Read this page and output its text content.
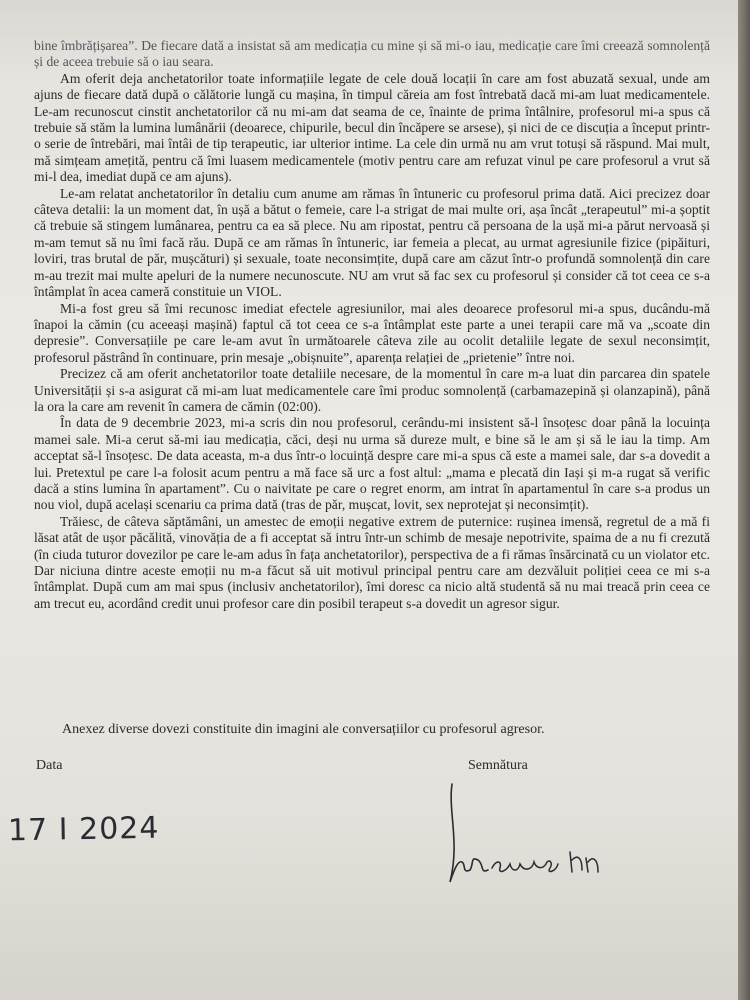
bine îmbrățișarea”. De fiecare dată a insistat să am medicația cu mine și să mi-o iau, medicație care îmi creează somnolență și de aceea trebuie să o iau seara.

Am oferit deja anchetatorilor toate informațiile legate de cele două locații în care am fost abuzată sexual, unde am ajuns de fiecare dată după o călătorie lungă cu mașina, în timpul căreia am fost întrebată dacă mi-am luat medicamentele. Le-am recunoscut cinstit anchetatorilor că nu mi-am dat seama de ce, înainte de prima întâlnire, profesorul mi-a spus că trebuie să stăm la lumina lumânării (deoarece, chipurile, becul din încăpere se arsese), și nici de ce discuția a început printr-o serie de întrebări, mai întâi de tip terapeutic, iar ulterior intime. La cele din urmă nu am vrut totuși să răspund. Mai mult, mă simțeam amețită, pentru că îmi luasem medicamentele (motiv pentru care am refuzat vinul pe care profesorul a vrut să mi-l dea, imediat după ce am ajuns).

Le-am relatat anchetatorilor în detaliu cum anume am rămas în întuneric cu profesorul prima dată. Aici precizez doar câteva detalii: la un moment dat, în ușă a bătut o femeie, care l-a strigat de mai multe ori, așa încât „terapeutul” mi-a șoptit că trebuie să stingem lumânarea, pentru ca ea să plece. Nu am ripostat, pentru că persoana de la ușă mi-a părut nervoasă și m-am temut să nu îmi facă rău. După ce am rămas în întuneric, iar femeia a plecat, au urmat agresiunile fizice (pipăituri, loviri, tras brutal de păr, mușcături) și sexuale, toate neconsimțite, după care am căzut într-o profundă somnolență din care m-au trezit mai multe apeluri de la numere necunoscute. NU am vrut să fac sex cu profesorul și consider că tot ceea ce s-a întâmplat în acea cameră constituie un VIOL.

Mi-a fost greu să îmi recunosc imediat efectele agresiunilor, mai ales deoarece profesorul mi-a spus, ducându-mă înapoi la cămin (cu aceeași mașină) faptul că tot ceea ce s-a întâmplat este parte a unei terapii care mă va „scoate din depresie”. Conversațiile pe care le-am avut în următoarele câteva zile au ocolit detaliile legate de sexul neconsimțit, profesorul păstrând în continuare, prin mesaje „obișnuite”, aparența relației de „prietenie” între noi.

Precizez că am oferit anchetatorilor toate detaliile necesare, de la momentul în care m-a luat din parcarea din spatele Universității și s-a asigurat că mi-am luat medicamentele care îmi produc somnolență (carbamazepină și olanzapină), până la ora la care am revenit în camera de cămin (02:00).

În data de 9 decembrie 2023, mi-a scris din nou profesorul, cerându-mi insistent să-l însoțesc doar până la locuința mamei sale. Mi-a cerut să-mi iau medicația, căci, deși nu urma să dureze mult, e bine să le am și să le iau la timp. Am acceptat să-l însoțesc. De data aceasta, m-a dus într-o locuință despre care mi-a spus că este a mamei sale, dar s-a dovedit a lui. Pretextul pe care l-a folosit acum pentru a mă face să urc a fost altul: „mama e plecată din Iași și m-a rugat să verific dacă a stins lumina în apartament”. Cu o naivitate pe care o regret enorm, am intrat în apartamentul în care s-a produs un nou viol, după același scenariu ca prima dată (tras de păr, mușcat, lovit, sex neprotejat și neconsimțit).

Trăiesc, de câteva săptămâni, un amestec de emoții negative extrem de puternice: rușinea imensă, regretul de a mă fi lăsat atât de ușor păcălită, vinovăția de a fi acceptat să intru într-un schimb de mesaje nepotrivite, spaima de a nu fi crezută (în ciuda tuturor dovezilor pe care le-am adus în fața anchetatorilor), perspectiva de a fi rămas însărcinată cu un violator etc. Dar niciuna dintre aceste emoții nu m-a făcut să uit motivul principal pentru care am dezvăluit poliției ceea ce mi s-a întâmplat. După cum am mai spus (inclusiv anchetatorilor), îmi doresc ca nicio altă studentă să nu mai treacă prin ceea ce am trecut eu, acordând credit unui profesor care din posibil terapeut s-a dovedit un agresor sigur.

Anexez diverse dovezi constituite din imagini ale conversațiilor cu profesorul agresor.
Data	Semnătura
17 I 2024
